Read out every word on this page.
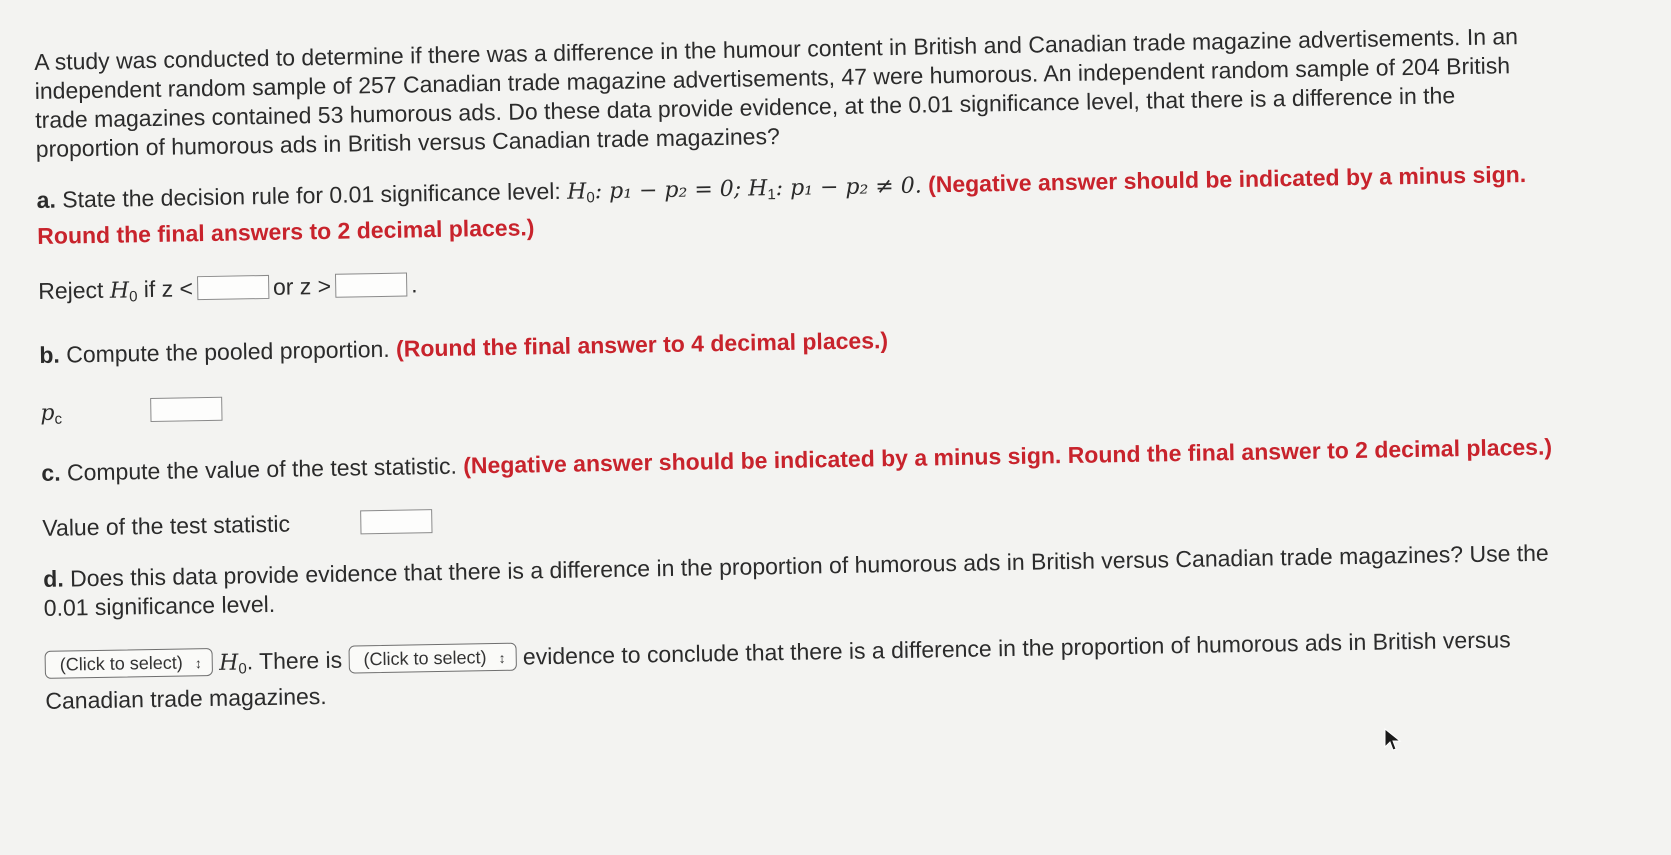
A study was conducted to determine if there was a difference in the humour content in British and Canadian trade magazine advertisements. In an independent random sample of 257 Canadian trade magazine advertisements, 47 were humorous. An independent random sample of 204 British trade magazines contained 53 humorous ads. Do these data provide evidence, at the 0.01 significance level, that there is a difference in the proportion of humorous ads in British versus Canadian trade magazines?

a. State the decision rule for 0.01 significance level: $H_0$: p₁ − p₂ = 0; $H_1$: p₁ − p₂ ≠ 0. (Negative answer should be indicated by a minus sign. Round the final answers to 2 decimal places.)

Reject $H_0$ if z <	or z >	.

b. Compute the pooled proportion. (Round the final answer to 4 decimal places.)

$p_c$

c. Compute the value of the test statistic. (Negative answer should be indicated by a minus sign. Round the final answer to 2 decimal places.)

Value of the test statistic

d. Does this data provide evidence that there is a difference in the proportion of humorous ads in British versus Canadian trade magazines? Use the 0.01 significance level.

(Click to select) ↕ $H_0$. There is (Click to select) ↕ evidence to conclude that there is a difference in the proportion of humorous ads in British versus Canadian trade magazines.
